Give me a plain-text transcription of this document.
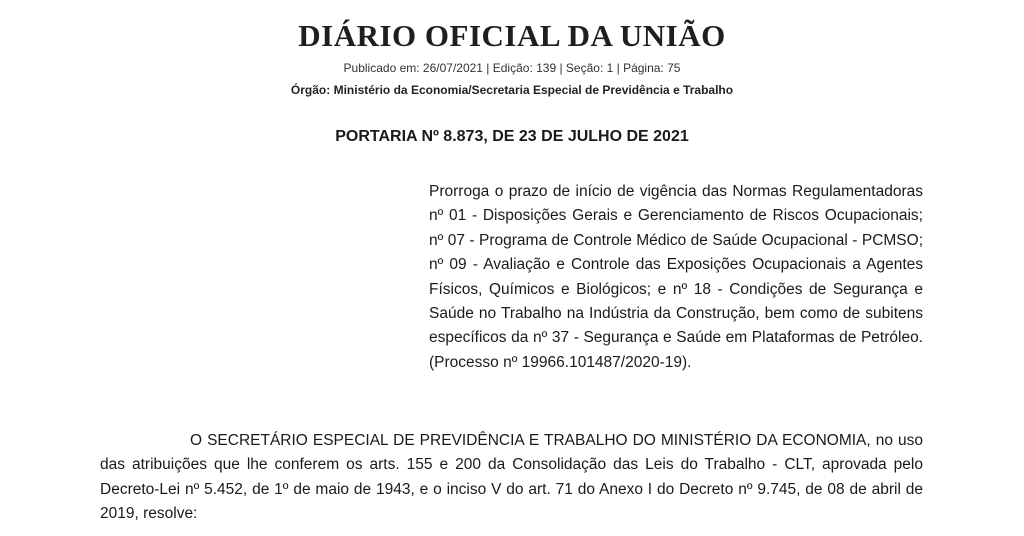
DIÁRIO OFICIAL DA UNIÃO
Publicado em: 26/07/2021 | Edição: 139 | Seção: 1 | Página: 75
Órgão: Ministério da Economia/Secretaria Especial de Previdência e Trabalho
PORTARIA Nº 8.873, DE 23 DE JULHO DE 2021
Prorroga o prazo de início de vigência das Normas Regulamentadoras nº 01 - Disposições Gerais e Gerenciamento de Riscos Ocupacionais; nº 07 - Programa de Controle Médico de Saúde Ocupacional - PCMSO; nº 09 - Avaliação e Controle das Exposições Ocupacionais a Agentes Físicos, Químicos e Biológicos; e nº 18 - Condições de Segurança e Saúde no Trabalho na Indústria da Construção, bem como de subitens específicos da nº 37 - Segurança e Saúde em Plataformas de Petróleo. (Processo nº 19966.101487/2020-19).
O SECRETÁRIO ESPECIAL DE PREVIDÊNCIA E TRABALHO DO MINISTÉRIO DA ECONOMIA, no uso das atribuições que lhe conferem os arts. 155 e 200 da Consolidação das Leis do Trabalho - CLT, aprovada pelo Decreto-Lei nº 5.452, de 1º de maio de 1943, e o inciso V do art. 71 do Anexo I do Decreto nº 9.745, de 08 de abril de 2019, resolve:
